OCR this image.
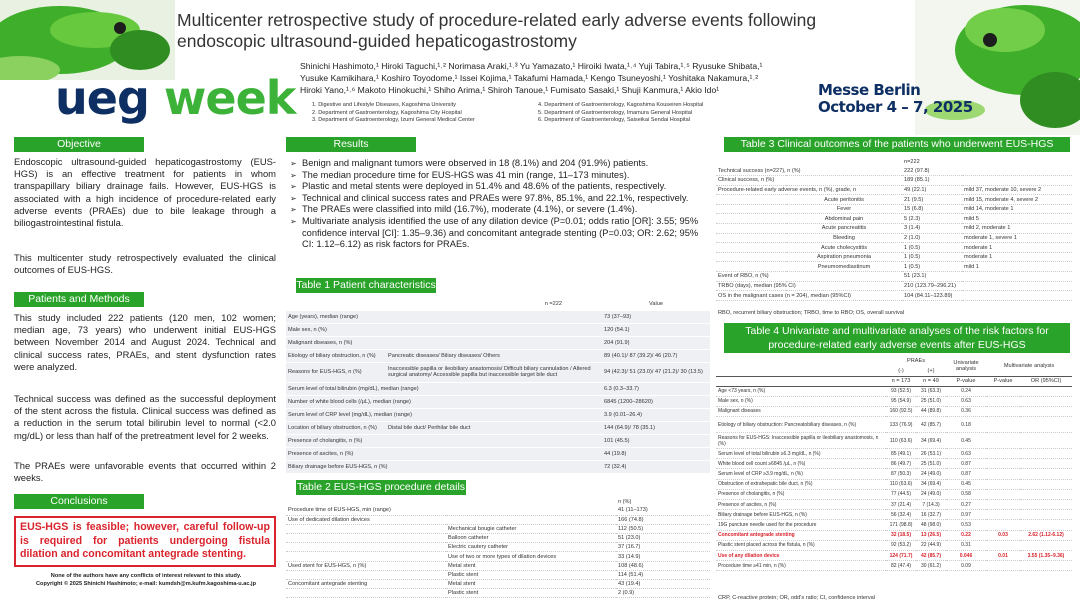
Multicenter retrospective study of procedure-related early adverse events following endoscopic ultrasound-guided hepaticogastrostomy
Shinichi Hashimoto,¹ Hiroki Taguchi,¹˒² Norimasa Araki,¹˒³ Yu Yamazato,¹ Hiroiki Iwata,¹˒⁴ Yuji Tabira,¹˒⁵ Ryusuke Shibata,¹
Yusuke Kamikihara,¹ Koshiro Toyodome,¹ Issei Kojima,¹ Takafumi Hamada,¹ Kengo Tsuneyoshi,¹ Yoshitaka Nakamura,¹˒²
Hiroki Yano,¹˒⁶ Makoto Hinokuchi,¹ Shiho Arima,¹ Shiroh Tanoue,¹ Fumisato Sasaki,¹ Shuji Kanmura,¹ Akio Ido¹
1. Digestive and Lifestyle Diseases, Kagoshima University
2. Department of Gastroenterology, Kagoshima City Hospital
3. Department of Gastroenterology, Izumi General Medical Center
4. Department of Gastroenterology, Kagoshima Kouseiren Hospital
5. Department of Gastroenterology, Imamura General Hospital
6. Department of Gastroenterology, Saiseikai Sendai Hospital
ueg week	Messe Berlin
October 4 – 7, 2025
Objective
Endoscopic ultrasound-guided hepaticogastrostomy (EUS-HGS) is an effective treatment for patients in whom transpapillary biliary drainage fails. However, EUS-HGS is associated with a high incidence of procedure-related early adverse events (PRAEs) due to bile leakage through a biliogastrointestinal fistula.
This multicenter study retrospectively evaluated the clinical outcomes of EUS-HGS.
Patients and Methods
This study included 222 patients (120 men, 102 women; median age, 73 years) who underwent initial EUS-HGS between November 2014 and August 2024. Technical and clinical success rates, PRAEs, and stent dysfunction rates were analyzed.
Technical success was defined as the successful deployment of the stent across the fistula. Clinical success was defined as a reduction in the serum total bilirubin level to normal (<2.0 mg/dL) or less than half of the pretreatment level for 2 weeks.
The PRAEs were unfavorable events that occurred within 2 weeks.
Conclusions
EUS-HGS is feasible; however, careful follow-up is required for patients undergoing fistula dilation and concomitant antegrade stenting.
None of the authors have any conflicts of interest relevant to this study.
Copyright © 2025 Shinichi Hashimoto; e-mail: kumdsh@m.kufm.kagoshima-u.ac.jp
Results
➢ Benign and malignant tumors were observed in 18 (8.1%) and 204 (91.9%) patients.
➢ The median procedure time for EUS-HGS was 41 min (range, 11–173 minutes).
➢ Plastic and metal stents were deployed in 51.4% and 48.6% of the patients, respectively.
➢ Technical and clinical success rates and PRAEs were 97.8%, 85.1%, and 22.1%, respectively.
➢ The PRAEs were classified into mild (16.7%), moderate (4.1%), or severe (1.4%).
➢ Multivariate analysis identified the use of any dilation device (P=0.01; odds ratio [OR]: 3.55; 95% confidence interval [CI]: 1.35–9.36) and concomitant antegrade stenting (P=0.03; OR: 2.62; 95% CI: 1.12–6.12) as risk factors for PRAEs.
Table 1 Patient characteristics
	n =222	Value
Age (years), median (range)		73 (37–93)
Male sex, n (%)		120 (54.1)
Malignant diseases, n (%)		204 (91.9)
Etiology of biliary obstruction, n (%)	Pancreatic diseases/ Biliary diseases/ Others	89 (40.1)/ 87 (39.2)/ 46 (20.7)
Reasons for EUS-HGS, n (%)	Inaccessible papilla or ileobiliary anastomosis/ Difficult biliary cannulation / Altered surgical anatomy/ Accessible papilla but inaccessible target bile duct	94 (42.3)/ 51 (23.0)/ 47 (21.2)/ 30 (13.5)
Serum level of total bilirubin (mg/dL), median (range)		6.3 (0.3–33.7)
Number of white blood cells (/μL), median (range)		6845 (1200–28620)
Serum level of CRP level (mg/dL), median (range)		3.9 (0.01–26.4)
Location of biliary obstruction, n (%)	Distal bile duct/ Perihilar bile duct	144 (64.9)/ 78 (35.1)
Presence of cholangitis, n (%)		101 (45.5)
Presence of ascites, n (%)		44 (19.8)
Biliary drainage before EUS-HGS, n (%)		72 (32.4)
Table 2 EUS-HGS procedure details
		n (%)
Procedure time of EUS-HGS, min (range)		41 (11–173)
Use of dedicated dilation devices		166 (74.8)
	Mechanical bougie catheter	112 (50.5)
	Balloon catheter	51 (23.0)
	Electric cautery catheter	37 (16.7)
	Use of two or more types of dilation devices	33 (14.9)
Used stent for EUS-HGS, n (%)	Metal stent	108 (48.6)
	Plastic stent	114 (51.4)
Concomitant antegrade stenting	Metal stent	43 (19.4)
	Plastic stent	2 (0.9)
Table 3 Clinical outcomes of the patients who underwent EUS-HGS
		n=222	
Technical success (n=227), n (%)		222 (97.8)	
Clinical success, n (%)		189 (85.1)	
Procedure-related early adverse events, n (%), grade, n		49 (22.1)	mild 37, moderate 10, severe 2
	Acute peritonitis	21 (9.5)	mild 15, moderate 4, severe 2
	Fever	15 (6.8)	mild 14, moderate 1
	Abdominal pain	5 (2.3)	mild 5
	Acute pancreatitis	3 (1.4)	mild 2, moderate 1
	Bleeding	2 (1.0)	moderate 1, severe 1
	Acute cholecystitis	1 (0.5)	moderate 1
	Aspiration pneumonia	1 (0.5)	moderate 1
	Pneumomediastinum	1 (0.5)	mild 1
Event of RBO, n (%)		51 (23.1)	
TRBO (days), median (95% CI)		210 (123.79–296.21)	
OS in the malignant cases (n = 204), median (95%CI)		104 (84.11–123.89)	
RBO, recurrent biliary obstruction; TRBO, time to RBO; OS, overall survival
Table 4 Univariate and multivariate analyses of the risk factors for procedure-related early adverse events after EUS-HGS
	PRAEs		Univariate analysis	Multivariate analysis	
	(-)	(+)			
	n = 173	n = 49	P-value	P-value	OR (95%CI)
Age <73 years, n (%)	93 (52.5)	31 (63.3)	0.24		
Male sex, n (%)	95 (54.9)	25 (51.0)	0.63		
Malignant diseases	160 (92.5)	44 (89.8)	0.36		
Etiology of biliary obstruction: Pancreatobiliary diseases, n (%)	133 (76.9)	42 (85.7)	0.18		
Reasons for EUS-HGS: Inaccessible papilla or ileobiliary anastomosis, n (%)	110 (63.6)	34 (69.4)	0.45		
Serum level of total bilirubin ≥6.3 mg/dL, n (%)	85 (49.1)	26 (53.1)	0.63		
White blood cell count ≥6845 /μL, n (%)	86 (49.7)	25 (51.0)	0.87		
Serum level of CRP ≥3.9 mg/dL, n (%)	87 (50.3)	24 (49.0)	0.87		
Obstruction of extrahepatic bile duct, n (%)	110 (63.6)	34 (69.4)	0.45		
Presence of cholangitis, n (%)	77 (44.5)	24 (49.0)	0.58		
Presence of ascites, n (%)	37 (21.4)	7 (14.3)	0.27		
Biliary drainage before EUS-HGS, n (%)	56 (32.4)	16 (32.7)	0.97		
19G puncture needle used for the procedure	171 (98.8)	48 (98.0)	0.53		
Concomitant antegrade stenting	32 (18.5)	13 (26.5)	0.22	0.03	2.62 (1.12-6.12)
Plastic stent placed across the fistula, n (%)	92 (53.2)	22 (44.9)	0.31		
Use of any dilation device	124 (71.7)	42 (85.7)	0.046	0.01	3.55 (1.35–9.36)
Procedure time ≥41 min, n (%)	82 (47.4)	30 (61.2)	0.09		
CRP, C-reactive protein; OR, odd's ratio; CI, confidence interval
